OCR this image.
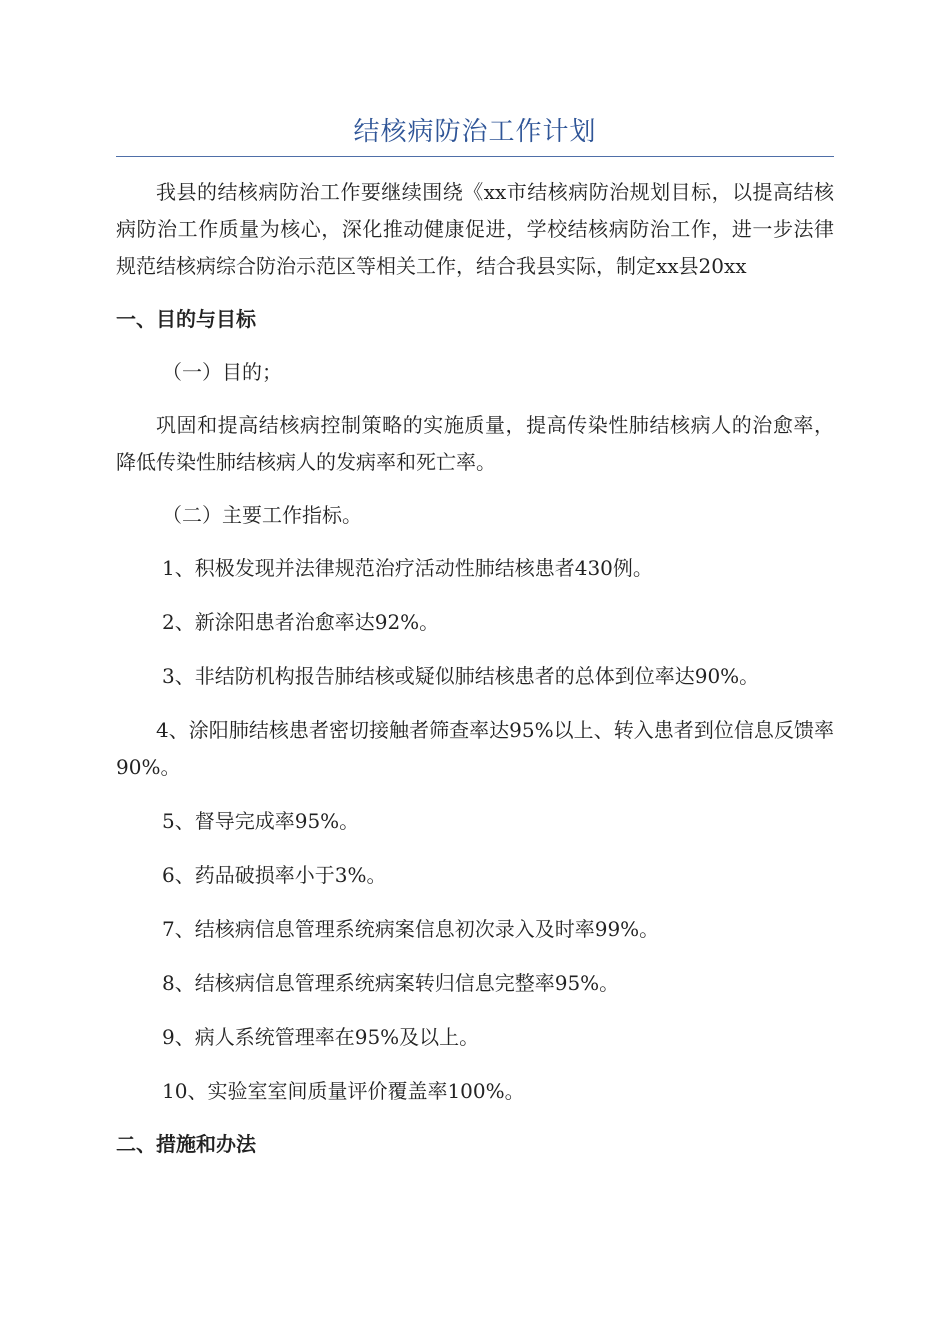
结核病防治工作计划

我县的结核病防治工作要继续围绕《xx市结核病防治规划目标，以提高结核病防治工作质量为核心，深化推动健康促进，学校结核病防治工作，进一步法律规范结核病综合防治示范区等相关工作，结合我县实际，制定xx县20xx

一、目的与目标

（一）目的；

巩固和提高结核病控制策略的实施质量，提高传染性肺结核病人的治愈率，降低传染性肺结核病人的发病率和死亡率。

（二）主要工作指标。

1、积极发现并法律规范治疗活动性肺结核患者430例。

2、新涂阳患者治愈率达92%。

3、非结防机构报告肺结核或疑似肺结核患者的总体到位率达90%。

4、涂阳肺结核患者密切接触者筛查率达95%以上、转入患者到位信息反馈率90%。

5、督导完成率95%。

6、药品破损率小于3%。

7、结核病信息管理系统病案信息初次录入及时率99%。

8、结核病信息管理系统病案转归信息完整率95%。

9、病人系统管理率在95%及以上。

10、实验室室间质量评价覆盖率100%。

二、措施和办法
